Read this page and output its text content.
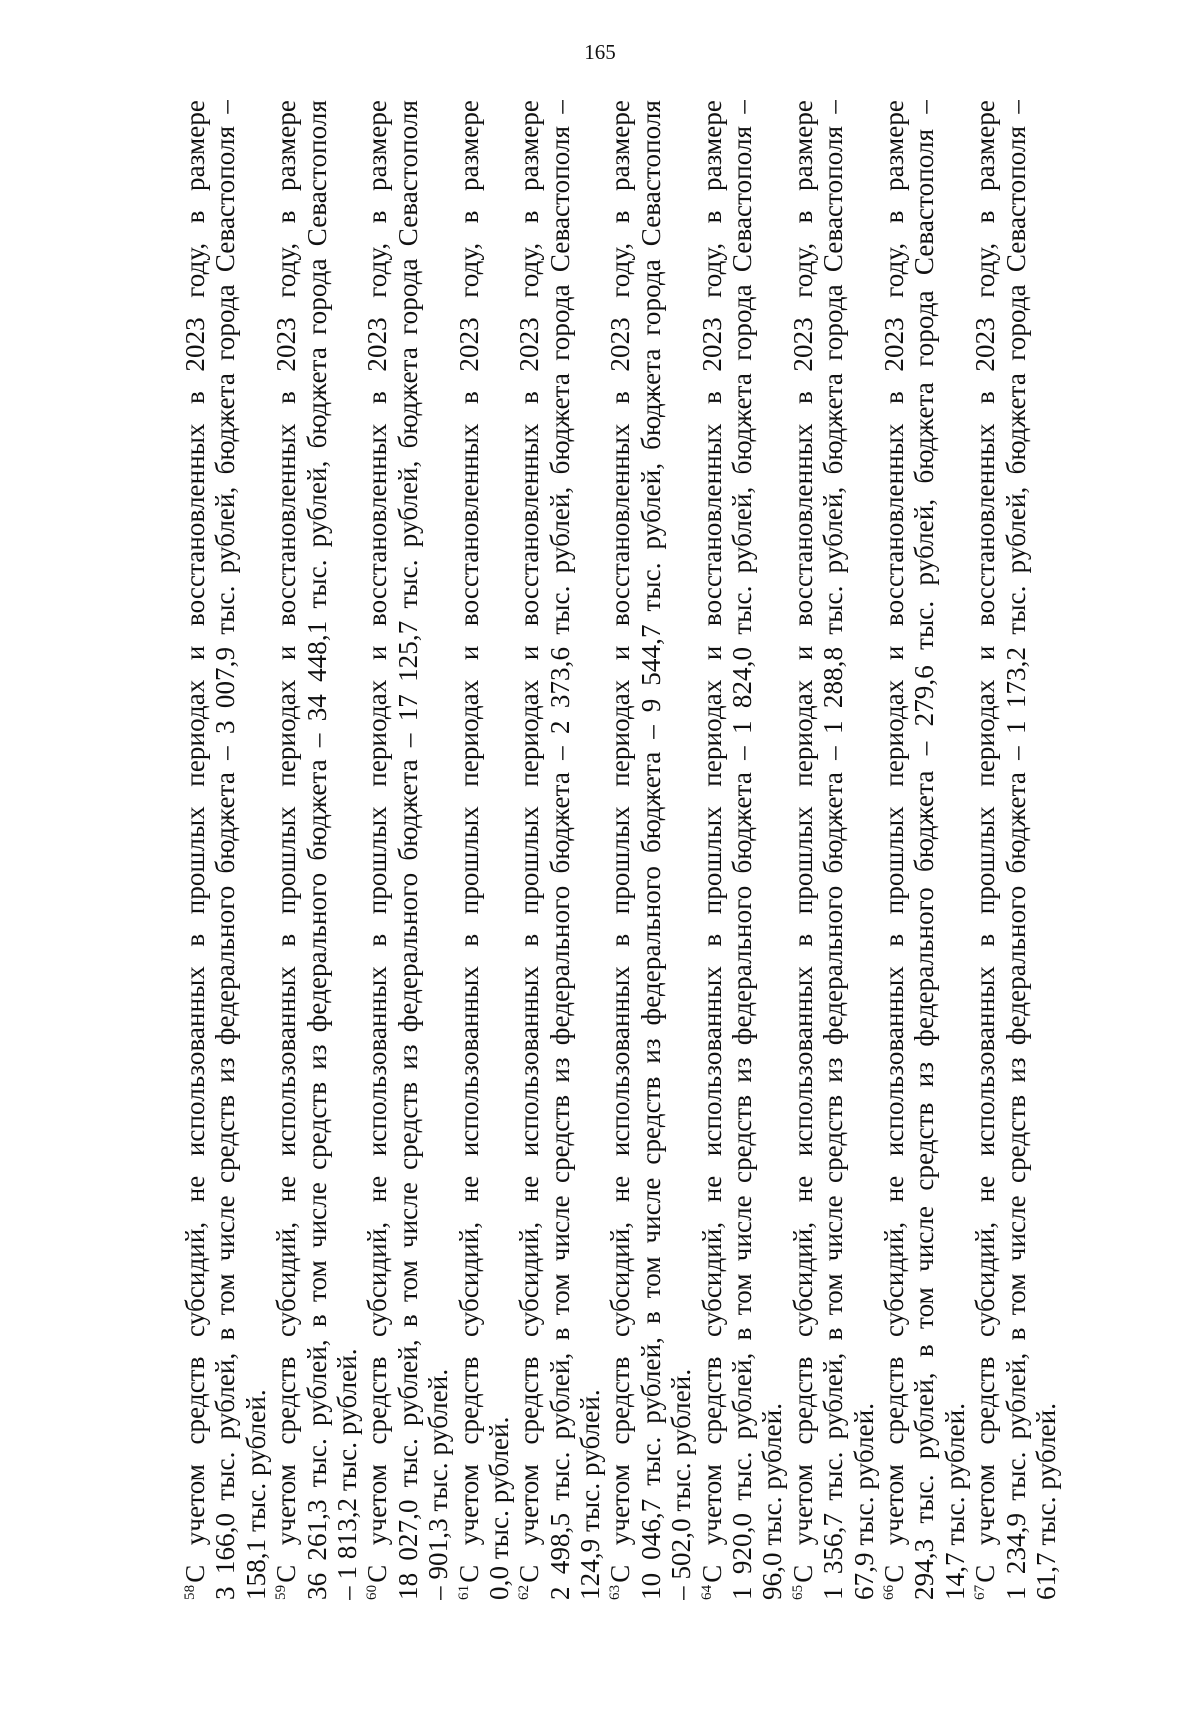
165
$^{58}$С учетом средств субсидий, не использованных в прошлых периодах и восстановленных в 2023 году, в размере 3 166,0 тыс. рублей, в том числе средств из федерального бюджета – 3 007,9 тыс. рублей, бюджета города Севастополя – 158,1 тыс. рублей. $^{59}$С учетом средств субсидий, не использованных в прошлых периодах и восстановленных в 2023 году, в размере 36 261,3 тыс. рублей, в том числе средств из федерального бюджета – 34 448,1 тыс. рублей, бюджета города Севастополя – 1 813,2 тыс. рублей. $^{60}$С учетом средств субсидий, не использованных в прошлых периодах и восстановленных в 2023 году, в размере 18 027,0 тыс. рублей, в том числе средств из федерального бюджета – 17 125,7 тыс. рублей, бюджета города Севастополя – 901,3 тыс. рублей. $^{61}$С учетом средств субсидий, не использованных в прошлых периодах и восстановленных в 2023 году, в размере 0,0 тыс. рублей. $^{62}$С учетом средств субсидий, не использованных в прошлых периодах и восстановленных в 2023 году, в размере 2 498,5 тыс. рублей, в том числе средств из федерального бюджета – 2 373,6 тыс. рублей, бюджета города Севастополя – 124,9 тыс. рублей. $^{63}$С учетом средств субсидий, не использованных в прошлых периодах и восстановленных в 2023 году, в размере 10 046,7 тыс. рублей, в том числе средств из федерального бюджета – 9 544,7 тыс. рублей, бюджета города Севастополя – 502,0 тыс. рублей. $^{64}$С учетом средств субсидий, не использованных в прошлых периодах и восстановленных в 2023 году, в размере 1 920,0 тыс. рублей, в том числе средств из федерального бюджета – 1 824,0 тыс. рублей, бюджета города Севастополя – 96,0 тыс. рублей. $^{65}$С учетом средств субсидий, не использованных в прошлых периодах и восстановленных в 2023 году, в размере 1 356,7 тыс. рублей, в том числе средств из федерального бюджета – 1 288,8 тыс. рублей, бюджета города Севастополя – 67,9 тыс. рублей. $^{66}$С учетом средств субсидий, не использованных в прошлых периодах и восстановленных в 2023 году, в размере 294,3 тыс. рублей, в том числе средств из федерального бюджета – 279,6 тыс. рублей, бюджета города Севастополя – 14,7 тыс. рублей. $^{67}$С учетом средств субсидий, не использованных в прошлых периодах и восстановленных в 2023 году, в размере 1 234,9 тыс. рублей, в том числе средств из федерального бюджета – 1 173,2 тыс. рублей, бюджета города Севастополя – 61,7 тыс. рублей.
